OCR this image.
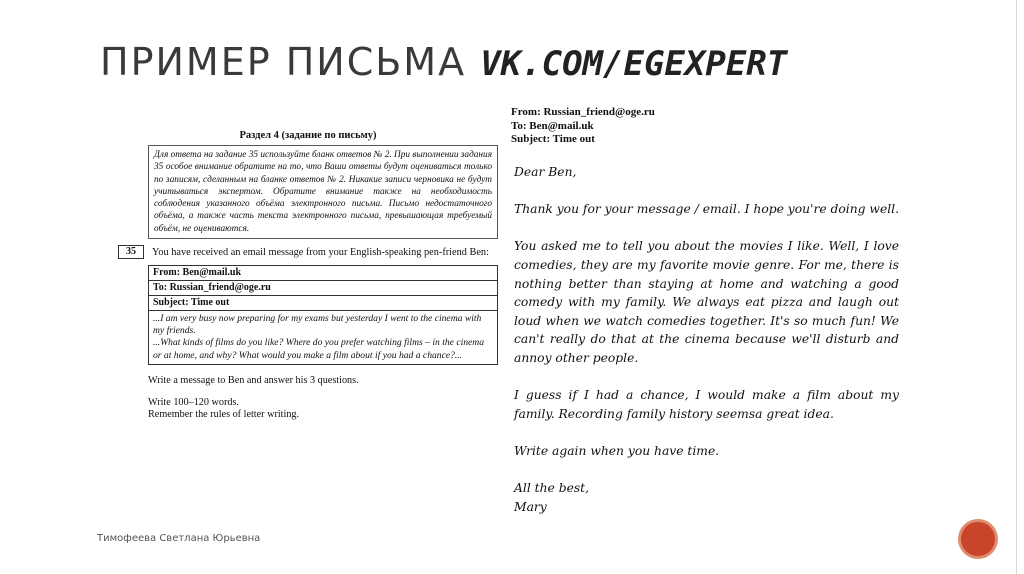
ПРИМЕР ПИСЬМА VK.COM/EGEXPERT
Раздел 4 (задание по письму)
Для ответа на задание 35 используйте бланк ответов № 2. При выполнении задания 35 особое внимание обратите на то, что Ваши ответы будут оцениваться только по записям, сделанным на бланке ответов № 2. Никакие записи черновика не будут учитываться экспертом. Обратите внимание также на необходимость соблюдения указанного объёма электронного письма. Письмо недостаточного объёма, а также часть текста электронного письма, превышающая требуемый объём, не оцениваются.
35	You have received an email message from your English-speaking pen-friend Ben:
From: Ben@mail.uk
To: Russian_friend@oge.ru
Subject: Time out
...I am very busy now preparing for my exams but yesterday I went to the cinema with my friends.
...What kinds of films do you like? Where do you prefer watching films – in the cinema or at home, and why? What would you make a film about if you had a chance?...

Write a message to Ben and answer his 3 questions.

Write 100–120 words.

Remember the rules of letter writing.
From: Russian_friend@oge.ru
To: Ben@mail.uk
Subject: Time out

Dear Ben,

Thank you for your message / email. I hope you're doing well.

You asked me to tell you about the movies I like. Well, I love comedies, they are my favorite movie genre. For me, there is nothing better than staying at home and watching a good comedy with my family. We always eat pizza and laugh out loud when we watch comedies together. It's so much fun! We can't really do that at the cinema because we'll disturb and annoy other people.

I guess if I had a chance, I would make a film about my family. Recording family history seemsa great idea.

Write again when you have time.

All the best,
Mary
Тимофеева Светлана Юрьевна
